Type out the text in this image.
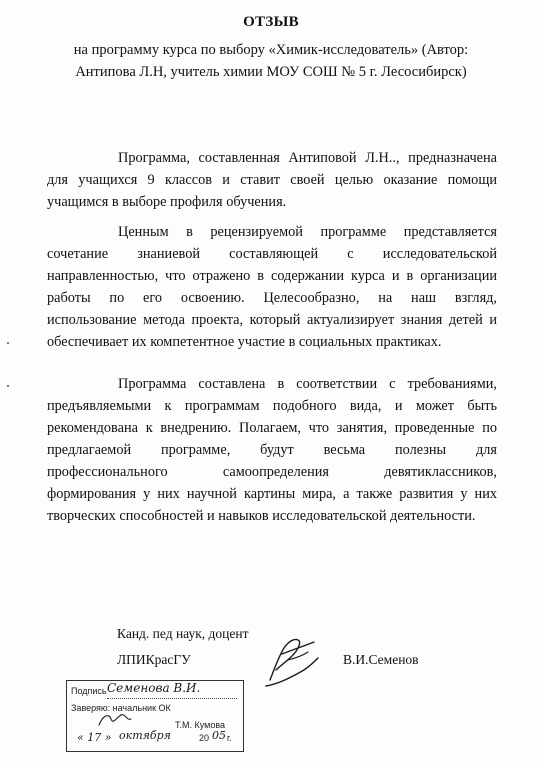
ОТЗЫВ
на программу курса по выбору «Химик-исследователь» (Автор:
Антипова Л.Н, учитель химии МОУ СОШ № 5 г. Лесосибирск)
Программа, составленная Антиповой Л.Н.., предназначена
для учащихся 9 классов и ставит своей целью оказание помощи
учащимся в выборе профиля обучения.
Ценным в рецензируемой программе представляется
сочетание знаниевой составляющей с исследовательской
направленностью, что отражено в содержании курса и в организации
работы по его освоению. Целесообразно, на наш взгляд,
использование метода проекта, который актуализирует знания детей и
обеспечивает их компетентное участие в социальных практиках.
Программа составлена в соответствии с требованиями,
предъявляемыми к программам подобного вида, и может быть
рекомендована к внедрению. Полагаем, что занятия, проведенные по
предлагаемой программе, будут весьма полезны для
профессионального самоопределения девятиклассников,
формирования у них научной картины мира, а также развития у них
творческих способностей и навыков исследовательской деятельности.
Канд. пед наук, доцент
ЛПИКрасГУ	В.И.Семенов
Подпись Семенова В.И.
Заверяю: начальник ОК
Т.М. Кумова
« 17 » октября	20 05 г.
